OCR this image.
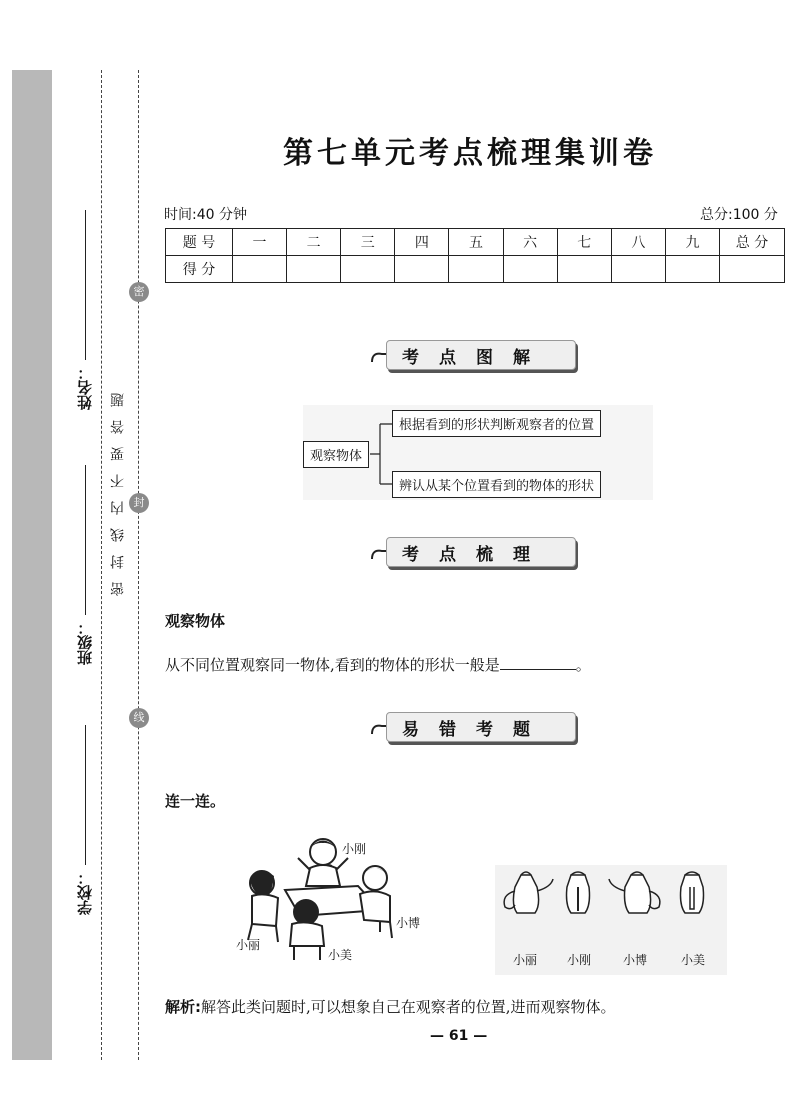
姓名：
班级：
学校：
密
封
线
密封线内不要答题
第七单元考点梳理集训卷
时间:40 分钟	总分:100 分
题 号	一	二	三	四	五	六	七	八	九	总 分
得 分										
考点图解
观察物体
根据看到的形状判断观察者的位置
辨认从某个位置看到的物体的形状
考点梳理
观察物体
从不同位置观察同一物体,看到的物体的形状一般是	。
易错考题
连一连。
小刚
小丽
小美
小博
小丽 小刚	小博	小美
解析:解答此类问题时,可以想象自己在观察者的位置,进而观察物体。
— 61 —
